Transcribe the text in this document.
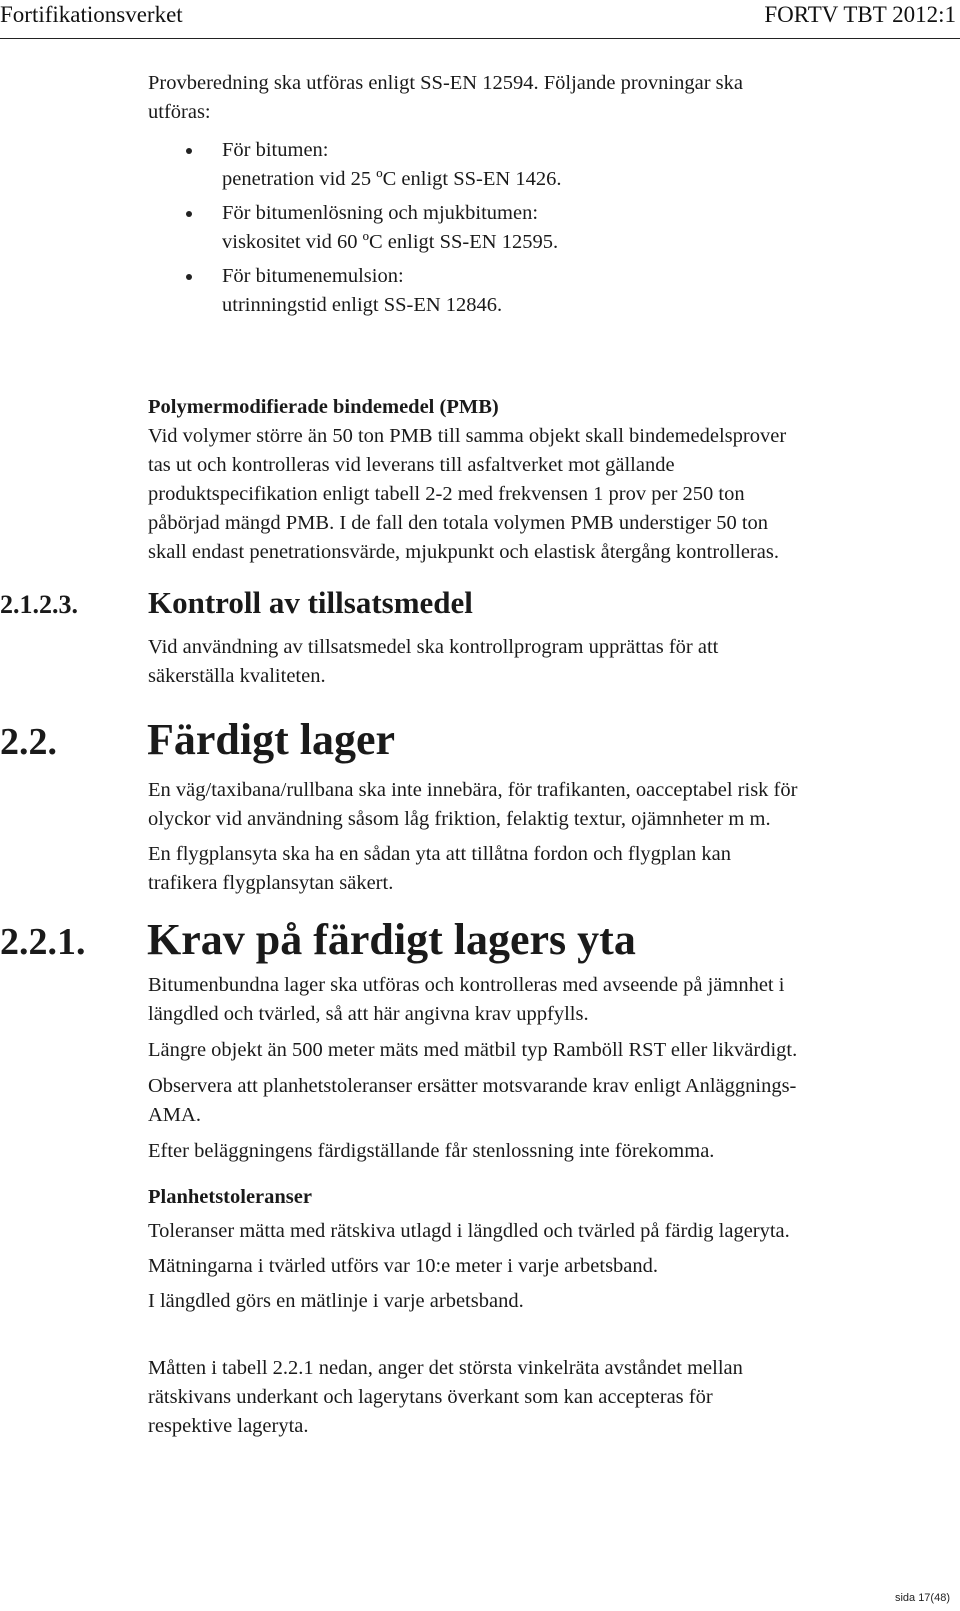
Fortifikationsverket	FORTV TBT 2012:1

Provberedning ska utföras enligt SS-EN 12594. Följande provningar ska

utföras:

För bitumen:
penetration vid 25 ºC enligt SS-EN 1426.
För bitumenlösning och mjukbitumen:
viskositet vid 60 ºC enligt SS-EN 12595.
För bitumenemulsion:
utrinningstid enligt SS-EN 12846.

Polymermodifierade bindemedel (PMB)

Vid volymer större än 50 ton PMB till samma objekt skall bindemedelsprover

tas ut och kontrolleras vid leverans till asfaltverket mot gällande

produktspecifikation enligt tabell 2-2 med frekvensen 1 prov per 250 ton

påbörjad mängd PMB. I de fall den totala volymen PMB understiger 50 ton

skall endast penetrationsvärde, mjukpunkt och elastisk återgång kontrolleras.

2.1.2.3. Kontroll av tillsatsmedel

Vid användning av tillsatsmedel ska kontrollprogram upprättas för att

säkerställa kvaliteten.

2.2. Färdigt lager

En väg/taxibana/rullbana ska inte innebära, för trafikanten, oacceptabel risk för

olyckor vid användning såsom låg friktion, felaktig textur, ojämnheter m m.

En flygplansyta ska ha en sådan yta att tillåtna fordon och flygplan kan

trafikera flygplansytan säkert.

2.2.1. Krav på färdigt lagers yta

Bitumenbundna lager ska utföras och kontrolleras med avseende på jämnhet i

längdled och tvärled, så att här angivna krav uppfylls.

Längre objekt än 500 meter mäts med mätbil typ Ramböll RST eller likvärdigt.

Observera att planhetstoleranser ersätter motsvarande krav enligt Anläggnings-

AMA.

Efter beläggningens färdigställande får stenlossning inte förekomma.

Planhetstoleranser

Toleranser mätta med rätskiva utlagd i längdled och tvärled på färdig lageryta.

Mätningarna i tvärled utförs var 10:e meter i varje arbetsband.

I längdled görs en mätlinje i varje arbetsband.

Måtten i tabell 2.2.1 nedan, anger det största vinkelräta avståndet mellan

rätskivans underkant och lagerytans överkant som kan accepteras för

respektive lageryta.

sida 17(48)
